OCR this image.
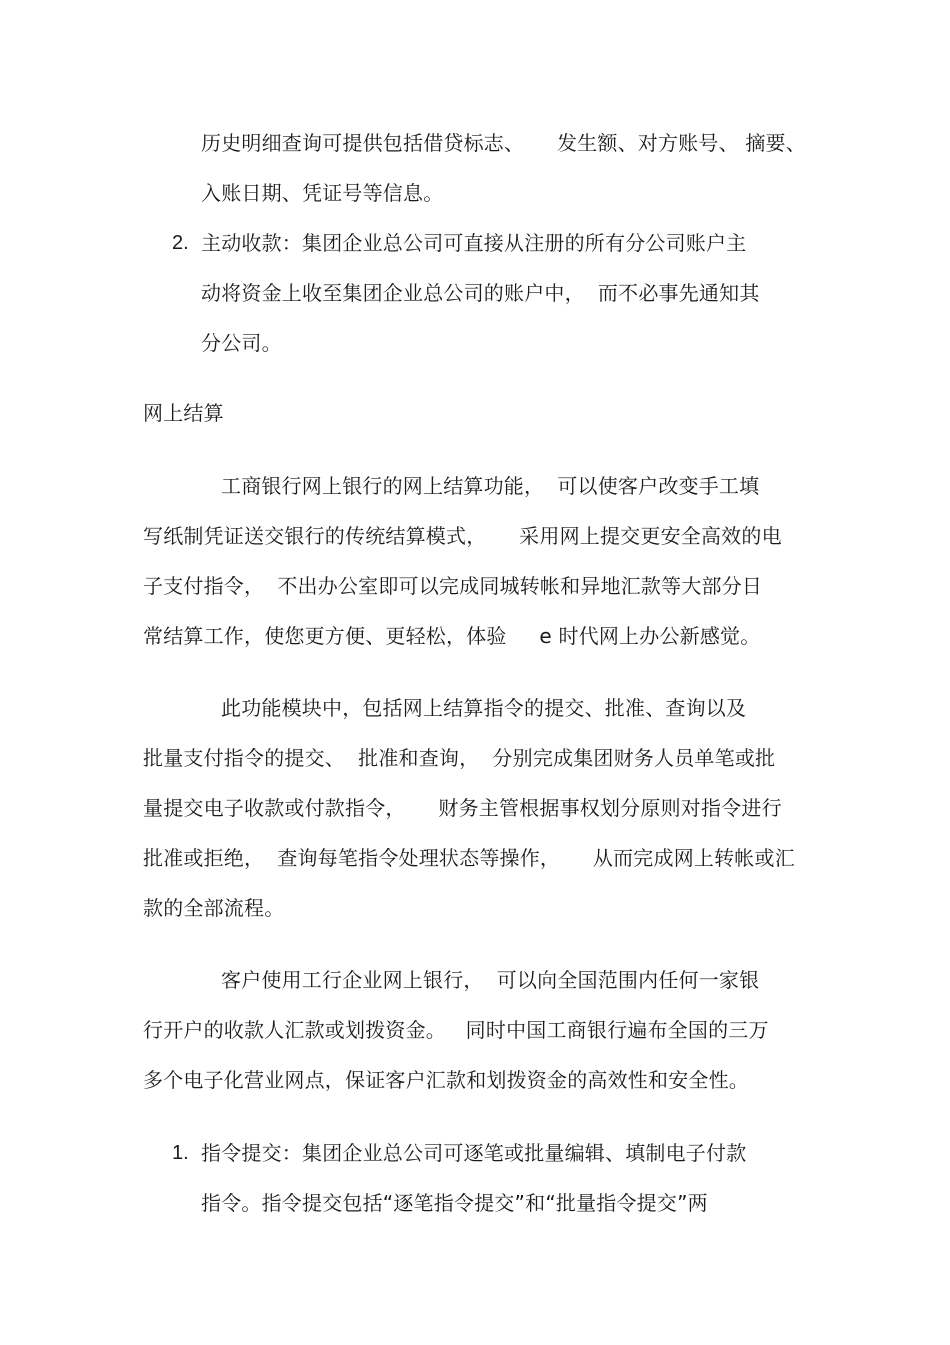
历史明细查询可提供包括借贷标志、     发生额、对方账号、 摘要、
入账日期、凭证号等信息。
2. 主动收款：集团企业总公司可直接从注册的所有分公司账户主
动将资金上收至集团企业总公司的账户中，  而不必事先通知其
分公司。
网上结算
工商银行网上银行的网上结算功能，  可以使客户改变手工填
写纸制凭证送交银行的传统结算模式，     采用网上提交更安全高效的电
子支付指令，  不出办公室即可以完成同城转帐和异地汇款等大部分日
常结算工作，使您更方便、更轻松，体验     e 时代网上办公新感觉。
此功能模块中，包括网上结算指令的提交、批准、查询以及
批量支付指令的提交、  批准和查询，  分别完成集团财务人员单笔或批
量提交电子收款或付款指令，     财务主管根据事权划分原则对指令进行
批准或拒绝，  查询每笔指令处理状态等操作，     从而完成网上转帐或汇
款的全部流程。
客户使用工行企业网上银行，  可以向全国范围内任何一家银
行开户的收款人汇款或划拨资金。   同时中国工商银行遍布全国的三万
多个电子化营业网点，保证客户汇款和划拨资金的高效性和安全性。
1. 指令提交：集团企业总公司可逐笔或批量编辑、填制电子付款
指令。指令提交包括“逐笔指令提交”和“批量指令提交”两
